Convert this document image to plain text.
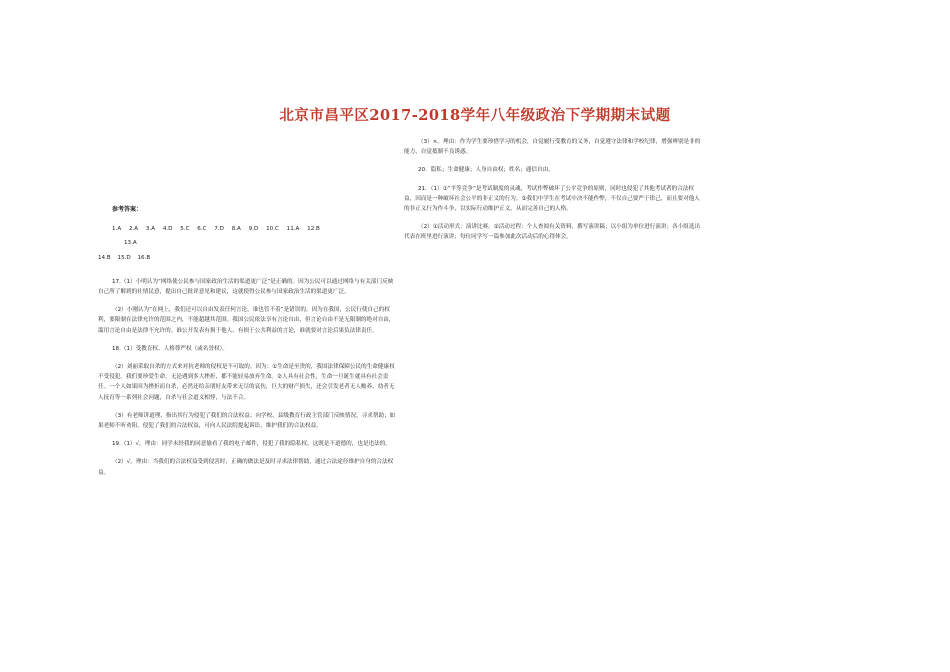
北京市昌平区2017-2018学年八年级政治下学期期末试题
参考答案：
1.A 2.A 3.A 4.D 5.C 6.C 7.D 8.A 9.D 10.C 11.A 12.B
13.A
14.B 15.D 16.B

17.（1）小明认为“网络使公民参与国家政治生活的渠道更广泛”是正确的。因为公民可以通过网络与有关部门反映自己所了解到的社情民意，提出自己批评意见和建议，这就使得公民参与国家政治生活的渠道更广泛。

（2）小刚认为“在网上，我们还可以自由发表任何言论，谁也管不着”是错误的。因为在我国，公民行使自己的权利，要限制在法律允许的范围之内，不能超越其范围。我国公民依法享有言论自由，但言论自由不是无限制的绝对自由，滥用言论自由是法律不允许的。谁公开发表有损于他人、有损于公共利益的言论，谁就要对言论后果负法律责任。

18.（1）受教育权、人格尊严权（或名誉权）。

（2）刘丽采取自杀的方式来对抗老师的侵权是不可取的。因为：①生命是至贵的，我国法律保障公民的生命健康权不受侵犯。我们要珍爱生命，无论遇到多大挫折，都不能轻易放弃生命。②人具有社会性，生命一旦诞生就具有社会责任。一个人如果因为挫折而自杀，必然还给亲朋好友带来无尽的哀伤，巨大的财产损失，还会引发老者无人赡养、幼者无人抚育等一系列社会问题，自杀与社会道义相悖，与法不合。

（3）有老师讲道理，指出其行为侵犯了我们的合法权益；向学校、县级教育行政主管部门反映情况，寻求帮助；如果老师不听劝阻，侵犯了我们的合法权益，可向人民法院提起诉讼，维护我们的合法权益。

19.（1）√。理由：同学未经我的同意偷看了我的电子邮件，侵犯了我的隐私权，这既是不道德的，也是违法的。

（2）√。理由：当我们的合法权益受到侵害时，正确的做法是及时寻求法律帮助，通过合法途径维护自身的合法权益。

（3）×。理由：作为学生要珍惜学习的机会，自觉履行受教育的义务，自觉遵守法律和学校纪律，增强辨别是非的能力，自觉抵制不良诱惑。

20．隐私；生命健康；人身自由权；姓名；通信自由。

21．（1）①“平等竞争”是考试制度的灵魂，考试作弊破坏了公平竞争的原则，同时也侵犯了其他考试者的合法权益，因而是一种破坏社会公平的非正义的行为。②我们中学生在考试中决不能作弊，不仅自己要严于律己，而且要对他人的非正义行为作斗争，以实际行动维护正义，从而完善自己的人格。

（2）①活动形式：演讲比赛。②活动过程：个人查阅有关资料，撰写演讲稿；以小组为单位进行演讲；各小组选出代表在班里进行演讲；每位同学写一篇参加此次活动后的心得体会。
